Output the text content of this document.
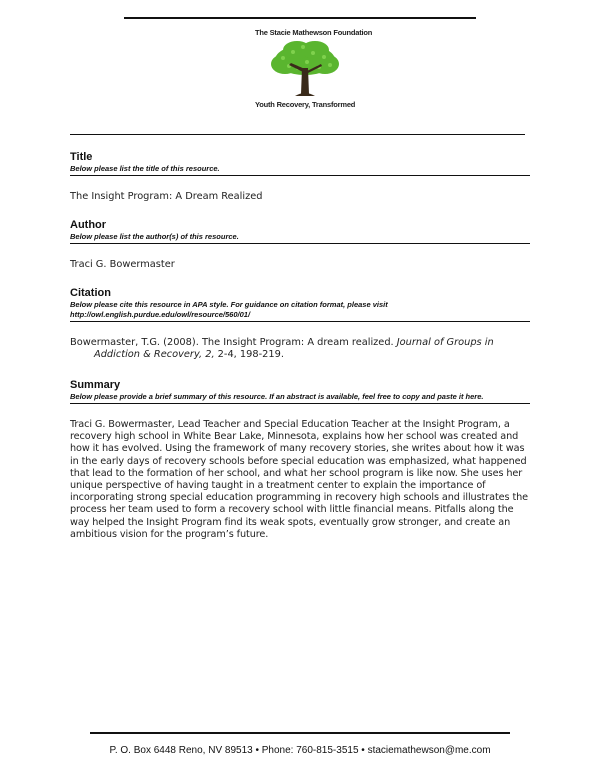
The Stacie Mathewson Foundation
Youth Recovery, Transformed
Title
Below please list the title of this resource.
The Insight Program: A Dream Realized
Author
Below please list the author(s) of this resource.
Traci G. Bowermaster
Citation
Below please cite this resource in APA style. For guidance on citation format, please visit
http://owl.english.purdue.edu/owl/resource/560/01/
Bowermaster, T.G. (2008). The Insight Program: A dream realized. Journal of Groups in Addiction & Recovery, 2, 2-4, 198-219.
Summary
Below please provide a brief summary of this resource. If an abstract is available, feel free to copy and paste it here.
Traci G. Bowermaster, Lead Teacher and Special Education Teacher at the Insight Program, a recovery high school in White Bear Lake, Minnesota, explains how her school was created and how it has evolved. Using the framework of many recovery stories, she writes about how it was in the early days of recovery schools before special education was emphasized, what happened that lead to the formation of her school, and what her school program is like now. She uses her unique perspective of having taught in a treatment center to explain the importance of incorporating strong special education programming in recovery high schools and illustrates the process her team used to form a recovery school with little financial means. Pitfalls along the way helped the Insight Program find its weak spots, eventually grow stronger, and create an ambitious vision for the program’s future.
P. O. Box 6448 Reno, NV 89513 • Phone: 760-815-3515 • staciemathewson@me.com
